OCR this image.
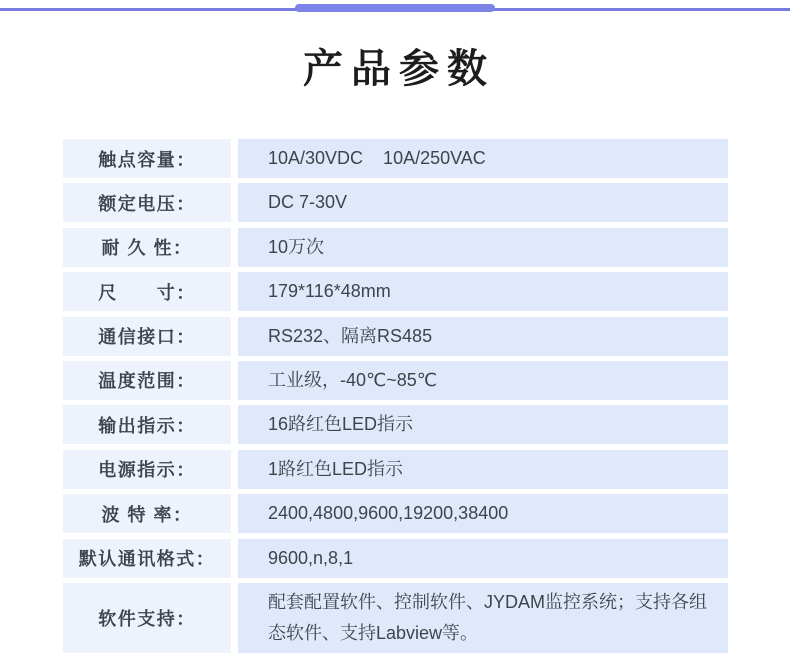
产品参数
触点容量：	10A/30VDC    10A/250VAC
额定电压：	DC 7-30V
耐 久 性：	10万次
尺　　寸：	179*116*48mm
通信接口：	RS232、隔离RS485
温度范围：	工业级，-40℃~85℃
输出指示：	16路红色LED指示
电源指示：	1路红色LED指示
波 特 率：	2400,4800,9600,19200,38400
默认通讯格式：	9600,n,8,1
软件支持：
配套配置软件、控制软件、JYDAM监控系统；支持各组态软件、支持Labview等。
